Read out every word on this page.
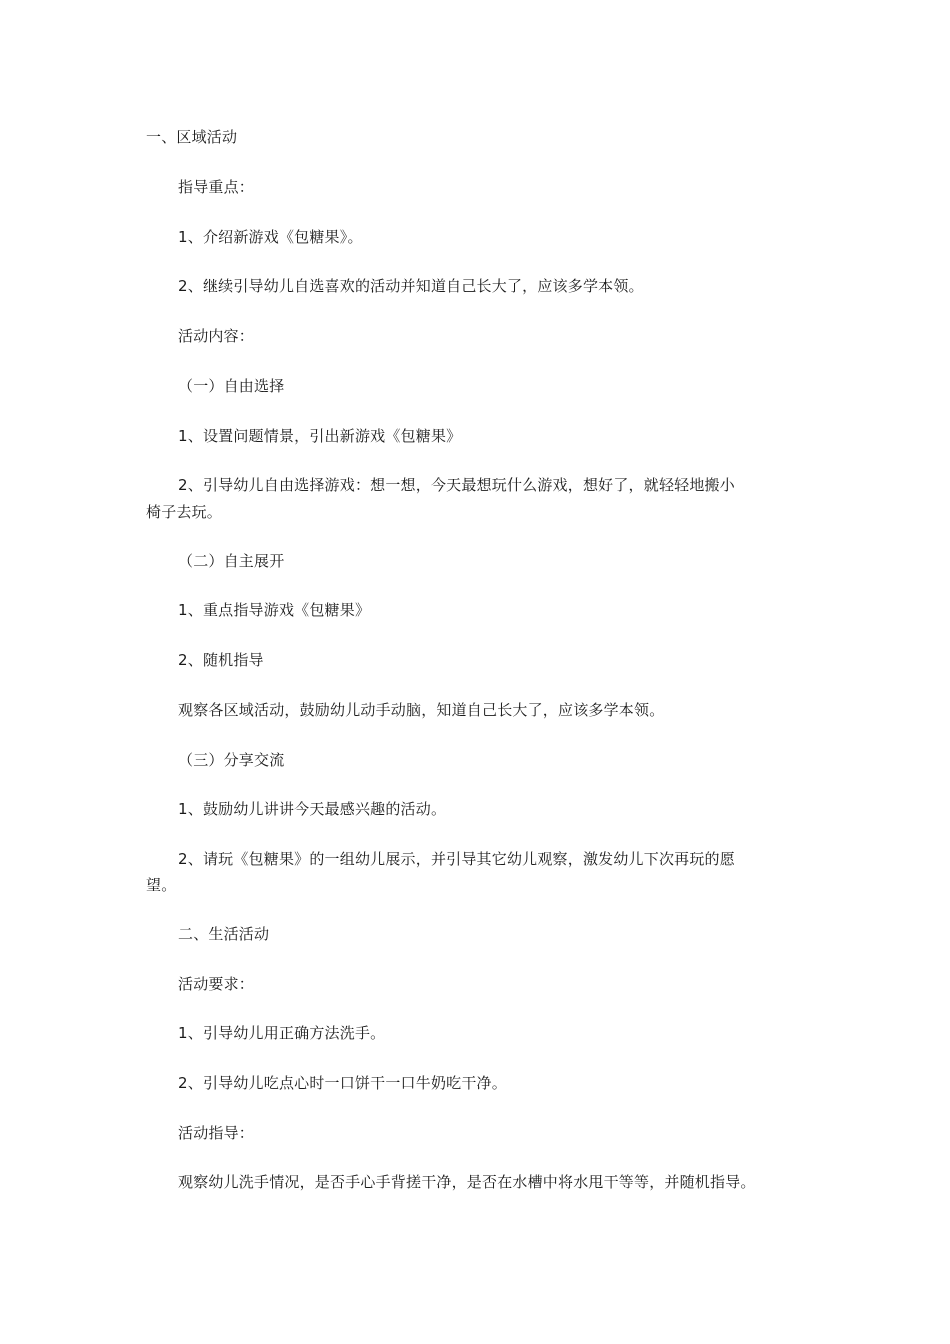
一、区域活动
指导重点：
1、介绍新游戏《包糖果》。
2、继续引导幼儿自选喜欢的活动并知道自己长大了，应该多学本领。
活动内容：
（一）自由选择
1、设置问题情景，引出新游戏《包糖果》
2、引导幼儿自由选择游戏：想一想，今天最想玩什么游戏，想好了，就轻轻地搬小
椅子去玩。
（二）自主展开
1、重点指导游戏《包糖果》
2、随机指导
观察各区域活动，鼓励幼儿动手动脑，知道自己长大了，应该多学本领。
（三）分享交流
1、鼓励幼儿讲讲今天最感兴趣的活动。
2、请玩《包糖果》的一组幼儿展示，并引导其它幼儿观察，激发幼儿下次再玩的愿
望。
二、生活活动
活动要求：
1、引导幼儿用正确方法洗手。
2、引导幼儿吃点心时一口饼干一口牛奶吃干净。
活动指导：
观察幼儿洗手情况，是否手心手背搓干净，是否在水槽中将水甩干等等，并随机指导。
